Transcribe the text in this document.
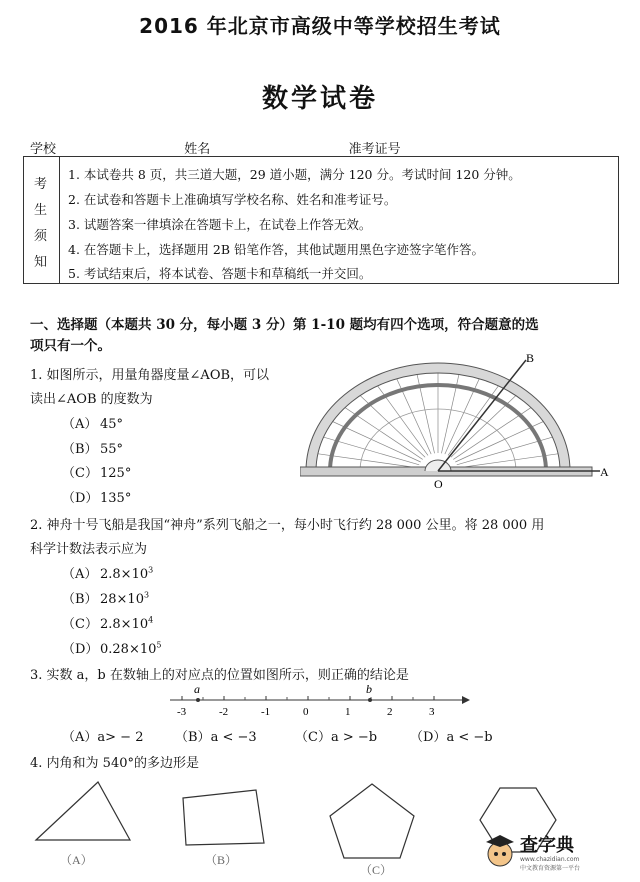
2016 年北京市高级中等学校招生考试
数学试卷
学校	姓名	准考证号
考
生
须
知
1. 本试卷共 8 页，共三道大题，29 道小题，满分 120 分。考试时间 120 分钟。
2. 在试卷和答题卡上准确填写学校名称、姓名和准考证号。
3. 试题答案一律填涂在答题卡上，在试卷上作答无效。
4. 在答题卡上，选择题用 2B 铅笔作答，其他试题用黑色字迹签字笔作答。
5. 考试结束后，将本试卷、答题卡和草稿纸一并交回。
一、选择题（本题共 30 分，每小题 3 分）第 1-10 题均有四个选项，符合题意的选
项只有一个。
1. 如图所示，用量角器度量∠AOB，可以
读出∠AOB 的度数为
（A） 45°
（B） 55°
（C） 125°
（D） 135°
B
A
O
2. 神舟十号飞船是我国“神舟”系列飞船之一，每小时飞行约 28 000 公里。将 28 000 用
科学计数法表示应为
（A） $2.8\times 10^3$
（B） $28\times 10^3$
（C） $2.8\times 10^4$
（D） $0.28\times 10^5$
3. 实数 a，b 在数轴上的对应点的位置如图所示，则正确的结论是
-3	-2	-1	0	1	2	3
a	b
（A）a> − 2 （B）a < −3	（C）a > −b	（D）a < −b
4. 内角和为 540°的多边形是
（A）	（B）
（C）
查字典
www.chazidian.com
中文教育资源第一平台
